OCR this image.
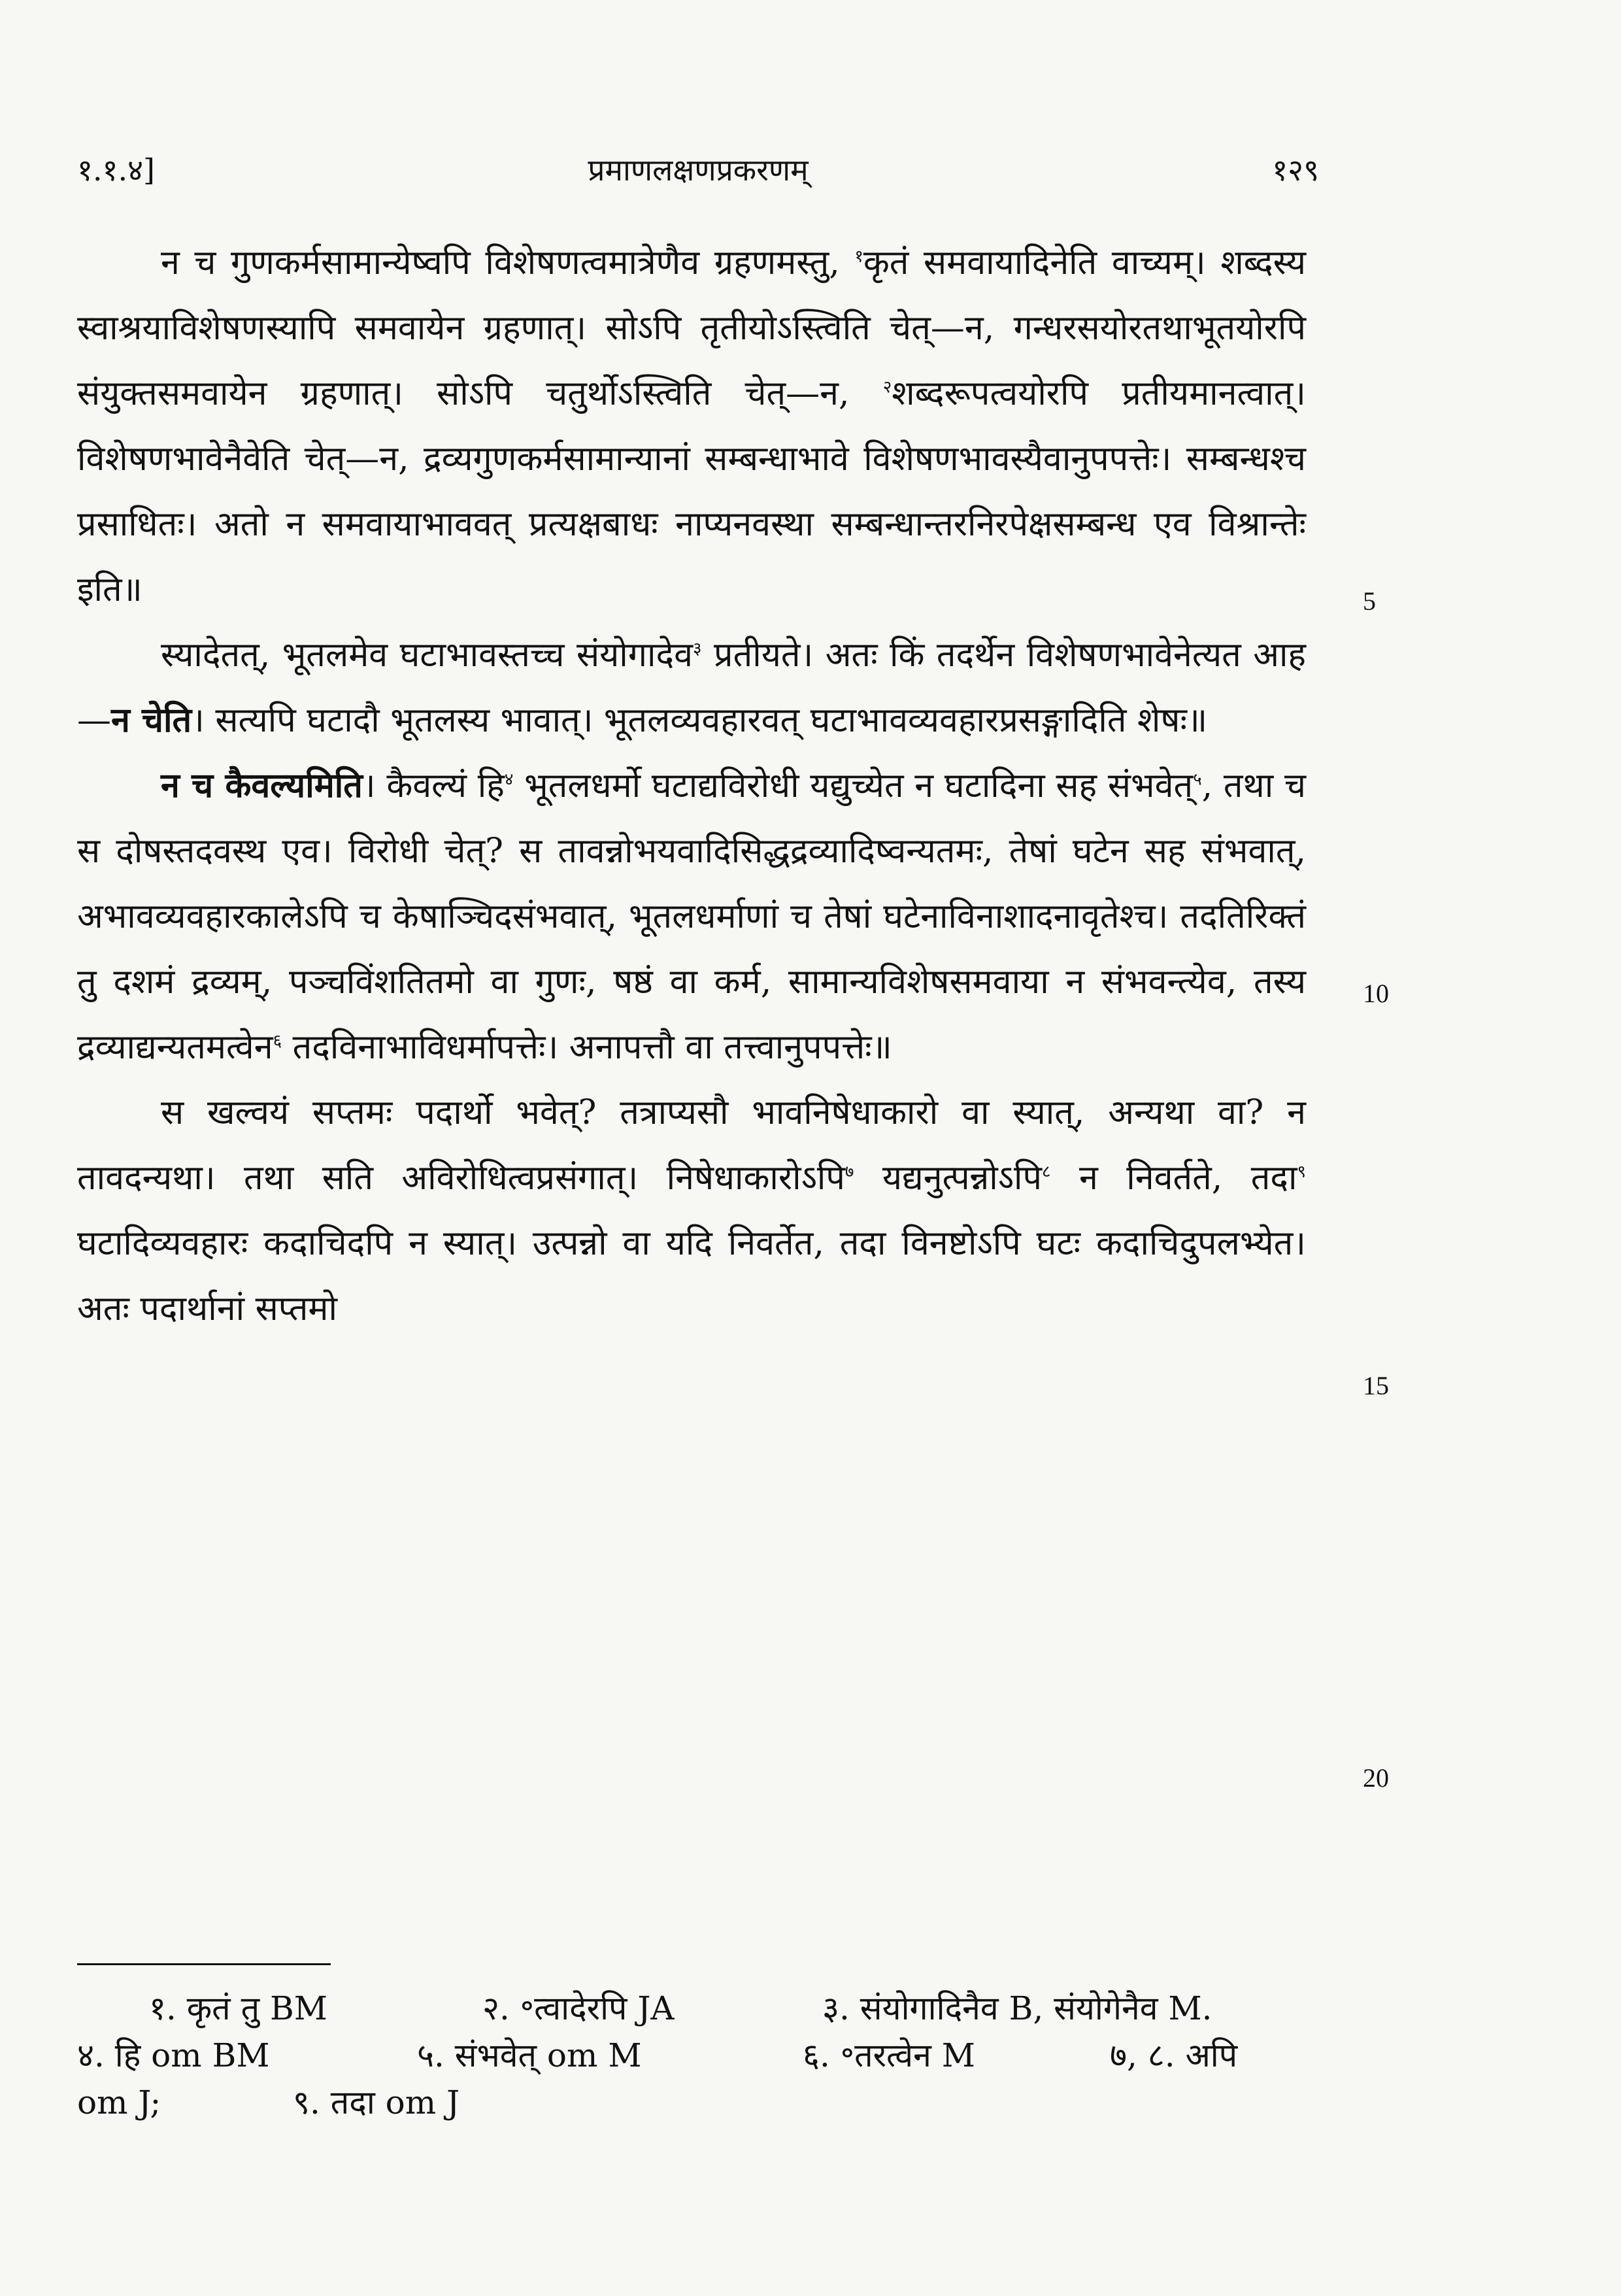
१.१.४]	प्रमाणलक्षणप्रकरणम्	१२९

न च गुणकर्मसामान्येष्वपि विशेषणत्वमात्रेणैव ग्रहणमस्तु, $^१$कृतं समवायादिनेति वाच्यम्। शब्दस्य स्वाश्रयाविशेषणस्यापि समवायेन ग्रहणात्। सोऽपि तृतीयोऽस्त्विति चेत्—न, गन्धरसयोरतथाभूतयोरपि संयुक्तसमवायेन ग्रहणात्। सोऽपि चतुर्थोऽस्त्विति चेत्—न, $^२$शब्दरूपत्वयोरपि प्रतीयमानत्वात्। विशेषणभावेनैवेति चेत्—न, द्रव्यगुणकर्मसामान्यानां सम्बन्धाभावे विशेषणभावस्यैवानुपपत्तेः। सम्बन्धश्च प्रसाधितः। अतो न समवायाभाववत् प्रत्यक्षबाधः नाप्यनवस्था सम्बन्धान्तरनिरपेक्षसम्बन्ध एव विश्रान्तेः इति॥

स्यादेतत्, भूतलमेव घटाभावस्तच्च संयोगादेव$^३$ प्रतीयते। अतः किं तदर्थेन विशेषणभावेनेत्यत आह—न चेति। सत्यपि घटादौ भूतलस्य भावात्। भूतलव्यवहारवत् घटाभावव्यवहारप्रसङ्गादिति शेषः॥

न च कैवल्यमिति। कैवल्यं हि$^४$ भूतलधर्मो घटाद्यविरोधी यद्युच्येत न घटादिना सह संभवेत्$^५$, तथा च स दोषस्तदवस्थ एव। विरोधी चेत्? स तावन्नोभयवादिसिद्धद्रव्यादिष्वन्यतमः, तेषां घटेन सह संभवात्, अभावव्यवहारकालेऽपि च केषाञ्चिदसंभवात्, भूतलधर्माणां च तेषां घटेनाविनाशादनावृतेश्च। तदतिरिक्तं तु दशमं द्रव्यम्, पञ्चविंशतितमो वा गुणः, षष्ठं वा कर्म, सामान्यविशेषसमवाया न संभवन्त्येव, तस्य द्रव्याद्यन्यतमत्वेन$^६$ तदविनाभाविधर्मापत्तेः। अनापत्तौ वा तत्त्वानुपपत्तेः॥

स खल्वयं सप्तमः पदार्थो भवेत्? तत्राप्यसौ भावनिषेधाकारो वा स्यात्, अन्यथा वा? न तावदन्यथा। तथा सति अविरोधित्वप्रसंगात्। निषेधाकारोऽपि$^७$ यद्यनुत्पन्नोऽपि$^८$ न निवर्तते, तदा$^९$ घटादिव्यवहारः कदाचिदपि न स्यात्। उत्पन्नो वा यदि निवर्तेत, तदा विनष्टोऽपि घटः कदाचिदुपलभ्येत। अतः पदार्थानां सप्तमो

5
10
15
20
१. कृतं तु BM	२. ॰त्वादेरपि JA	३. संयोगादिनैव B, संयोगेनैव M.
४. हि om BM	५. संभवेत् om M	६. ॰तरत्वेन M	७, ८. अपि
om J;	९. तदा om J
